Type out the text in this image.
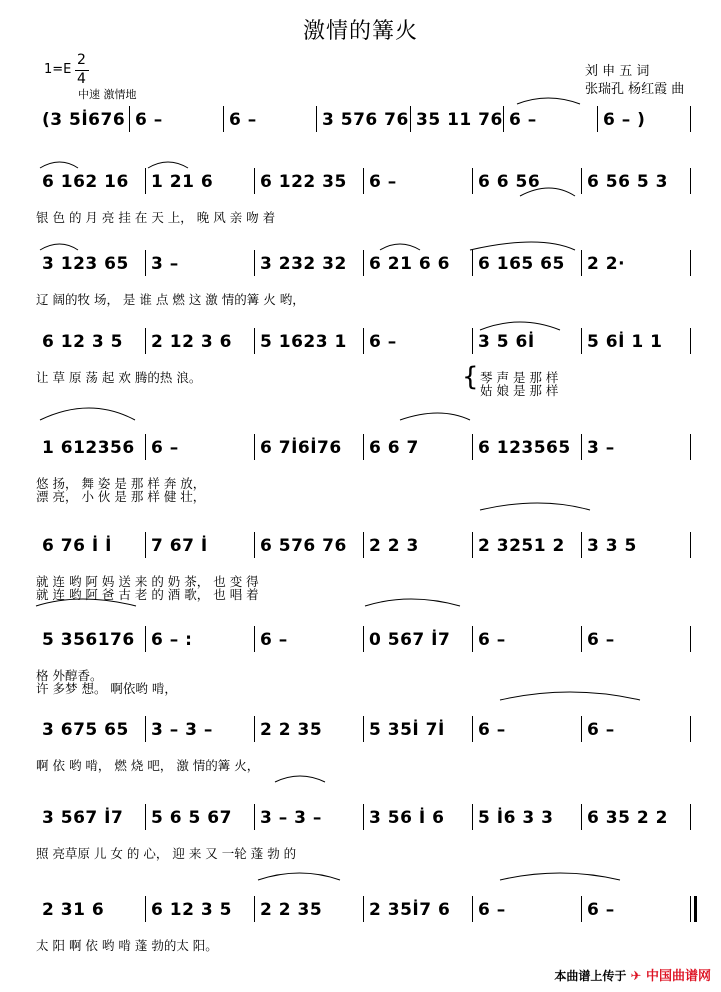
激情的篝火
1=E
2
4
中速 激情地
刘 申 五 词
张瑞孔 杨红霞 曲
(3 5İ676 6 –	6 –	3 576 76 35 11 76 6 –	6 – )
6 162 16 1 21 6	6 122 35 6 –	6 6 56	6 56 5 3
银 色 的 月 亮 挂 在 天 上， 晚 风 亲 吻 着
3 123 65 3 –	3 232 32 6 21 6 6 6 165 65 2 2·
辽 阔的牧 场， 是 谁 点 燃 这 激 情的篝 火 哟，
6 12 3 5 2 12 3 6 5 1623 1 6 –	3 5 6İ	5 6İ 1 1
让 草 原 荡 起 欢 腾的热 浪。	琴 声 是 那 样
姑 娘 是 那 样
{
1 612356 6 –	6 7İ6İ76 6 6 7	6 123565 3 –
悠 扬， 舞 姿 是 那 样 奔 放，
漂 亮， 小 伙 是 那 样 健 壮，
6 76 İ İ 7 67 İ	6 576 76 2 2 3	2 3251 2 3 3 5
就 连 哟 阿 妈 送 来 的 奶 茶， 也 变 得
就 连 哟 阿 爸 古 老 的 酒 歌， 也 唱 着
5 356176 6 – :	6 –	0 567 İ7 6 –	6 –
格 外醇香。
许 多梦 想。 啊依哟 啃，
3 675 65 3 – 3 –	2 2 35	5 35İ 7İ 6 –	6 –
啊 依 哟 啃， 燃 烧 吧， 激 情的篝 火，
3 567 İ7 5 6 5 67 3 – 3 –	3 56 İ 6 5 İ6 3 3 6 35 2 2
照 亮草原 儿 女 的 心， 迎 来 又 一轮 蓬 勃 的
2 31 6	6 12 3 5 2 2 35	2 35İ7 6 6 –	6 –
太 阳 啊 依 哟 啃 蓬 勃的太 阳。
本曲谱上传于 ✈ 中国曲谱网
